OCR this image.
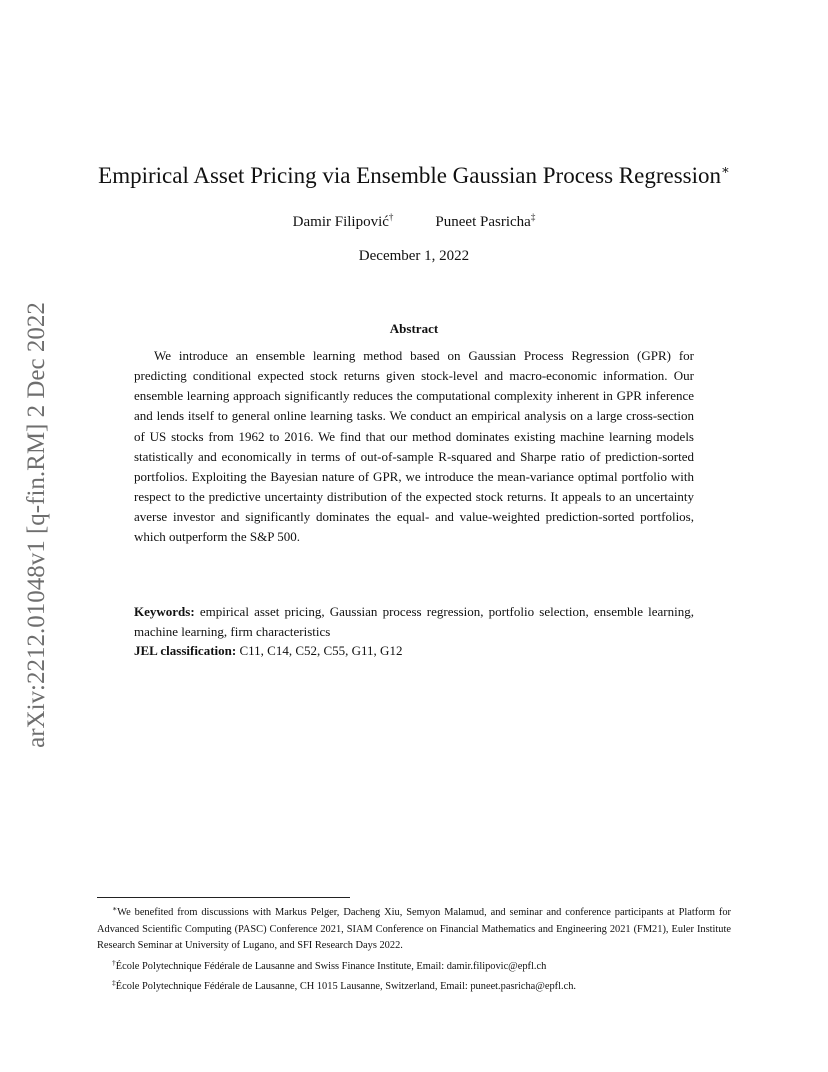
arXiv:2212.01048v1 [q-fin.RM] 2 Dec 2022
Empirical Asset Pricing via Ensemble Gaussian Process Regression∗
Damir Filipović†	Puneet Pasricha‡
December 1, 2022
Abstract

We introduce an ensemble learning method based on Gaussian Process Regression (GPR) for predicting conditional expected stock returns given stock-level and macro-economic information. Our ensemble learning approach significantly reduces the computational complexity inherent in GPR inference and lends itself to general online learning tasks. We conduct an empirical analysis on a large cross-section of US stocks from 1962 to 2016. We find that our method dominates existing machine learning models statistically and economically in terms of out-of-sample R-squared and Sharpe ratio of prediction-sorted portfolios. Exploiting the Bayesian nature of GPR, we introduce the mean-variance optimal portfolio with respect to the predictive uncertainty distribution of the expected stock returns. It appeals to an uncertainty averse investor and significantly dominates the equal- and value-weighted prediction-sorted portfolios, which outperform the S&P 500.

Keywords: empirical asset pricing, Gaussian process regression, portfolio selection, ensemble learning, machine learning, firm characteristics

JEL classification: C11, C14, C52, C55, G11, G12

∗We benefited from discussions with Markus Pelger, Dacheng Xiu, Semyon Malamud, and seminar and conference participants at Platform for Advanced Scientific Computing (PASC) Conference 2021, SIAM Conference on Financial Mathematics and Engineering 2021 (FM21), Euler Institute Research Seminar at University of Lugano, and SFI Research Days 2022.

†École Polytechnique Fédérale de Lausanne and Swiss Finance Institute, Email: damir.filipovic@epfl.ch

‡École Polytechnique Fédérale de Lausanne, CH 1015 Lausanne, Switzerland, Email: puneet.pasricha@epfl.ch.
